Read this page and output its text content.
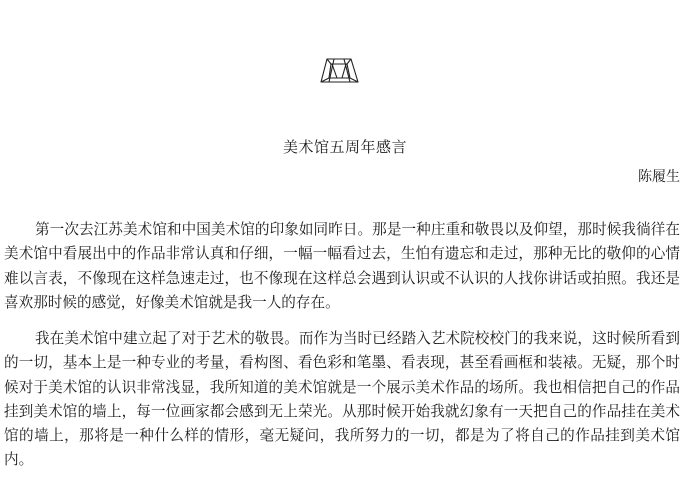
美术馆五周年感言
陈履生

第一次去江苏美术馆和中国美术馆的印象如同昨日。那是一种庄重和敬畏以及仰望，那时候我徜徉在美术馆中看展出中的作品非常认真和仔细，一幅一幅看过去，生怕有遗忘和走过，那种无比的敬仰的心情难以言表，不像现在这样急速走过，也不像现在这样总会遇到认识或不认识的人找你讲话或拍照。我还是喜欢那时候的感觉，好像美术馆就是我一人的存在。

我在美术馆中建立起了对于艺术的敬畏。而作为当时已经踏入艺术院校校门的我来说，这时候所看到的一切，基本上是一种专业的考量，看构图、看色彩和笔墨、看表现，甚至看画框和装裱。无疑，那个时候对于美术馆的认识非常浅显，我所知道的美术馆就是一个展示美术作品的场所。我也相信把自己的作品挂到美术馆的墙上，每一位画家都会感到无上荣光。从那时候开始我就幻象有一天把自己的作品挂在美术馆的墙上，那将是一种什么样的情形，毫无疑问，我所努力的一切，都是为了将自己的作品挂到美术馆内。
